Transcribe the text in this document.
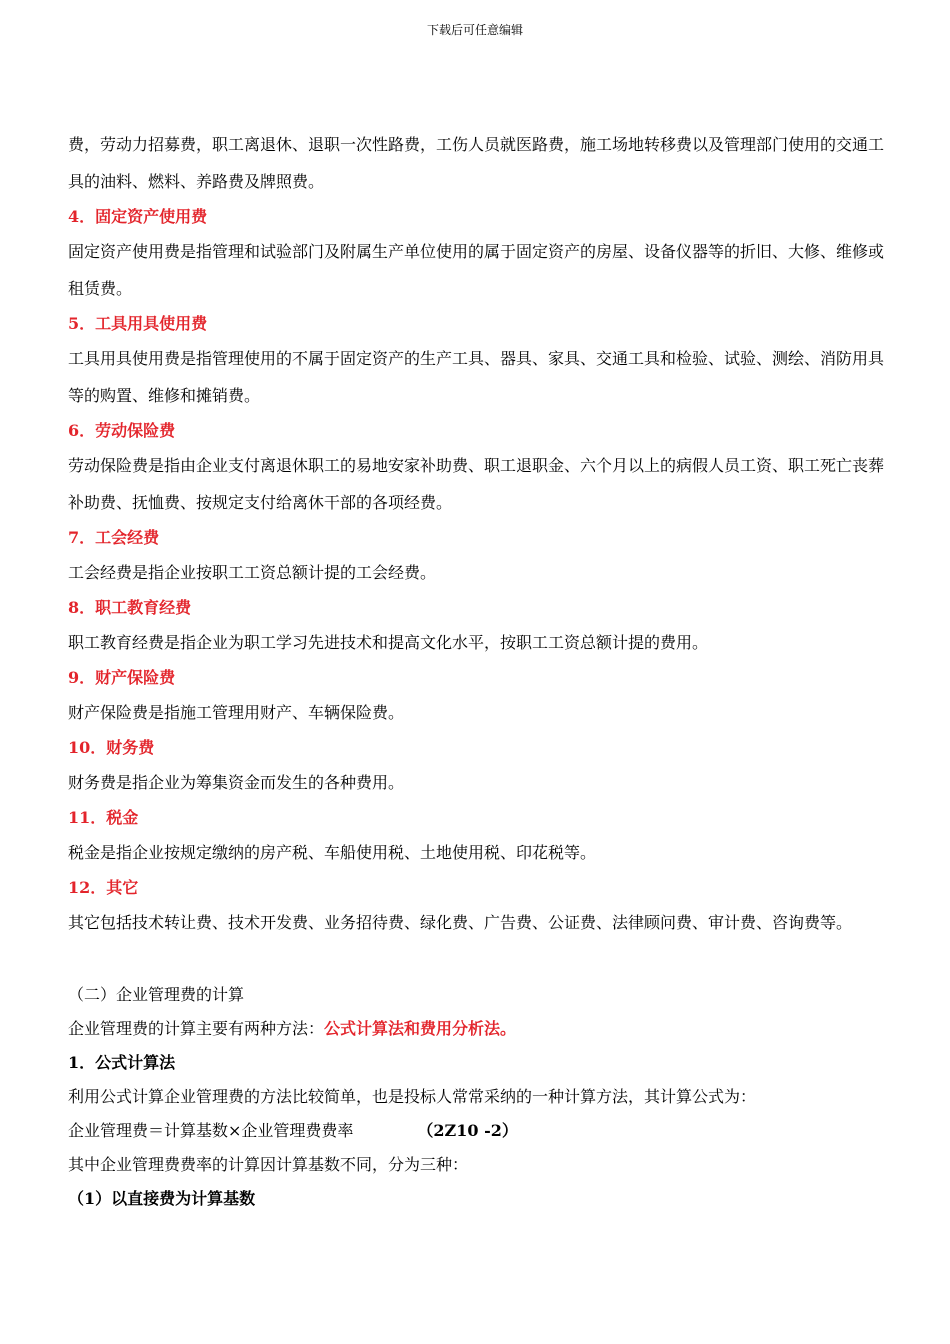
下载后可任意编辑

费，劳动力招募费，职工离退休、退职一次性路费，工伤人员就医路费，施工场地转移费以及管理部门使用的交通工具的油料、燃料、养路费及牌照费。

4．固定资产使用费

固定资产使用费是指管理和试验部门及附属生产单位使用的属于固定资产的房屋、设备仪器等的折旧、大修、维修或租赁费。

5．工具用具使用费

工具用具使用费是指管理使用的不属于固定资产的生产工具、器具、家具、交通工具和检验、试验、测绘、消防用具等的购置、维修和摊销费。

6．劳动保险费

劳动保险费是指由企业支付离退休职工的易地安家补助费、职工退职金、六个月以上的病假人员工资、职工死亡丧葬补助费、抚恤费、按规定支付给离休干部的各项经费。

7．工会经费

工会经费是指企业按职工工资总额计提的工会经费。

8．职工教育经费

职工教育经费是指企业为职工学习先进技术和提高文化水平，按职工工资总额计提的费用。

9．财产保险费

财产保险费是指施工管理用财产、车辆保险费。

10．财务费

财务费是指企业为筹集资金而发生的各种费用。

11．税金

税金是指企业按规定缴纳的房产税、车船使用税、土地使用税、印花税等。

12．其它

其它包括技术转让费、技术开发费、业务招待费、绿化费、广告费、公证费、法律顾问费、审计费、咨询费等。

（二）企业管理费的计算

企业管理费的计算主要有两种方法：公式计算法和费用分析法。

1．公式计算法

利用公式计算企业管理费的方法比较简单，也是投标人常常采纳的一种计算方法，其计算公式为：

企业管理费＝计算基数×企业管理费费率	（2Z10 -2）

其中企业管理费费率的计算因计算基数不同，分为三种：

（1）以直接费为计算基数
